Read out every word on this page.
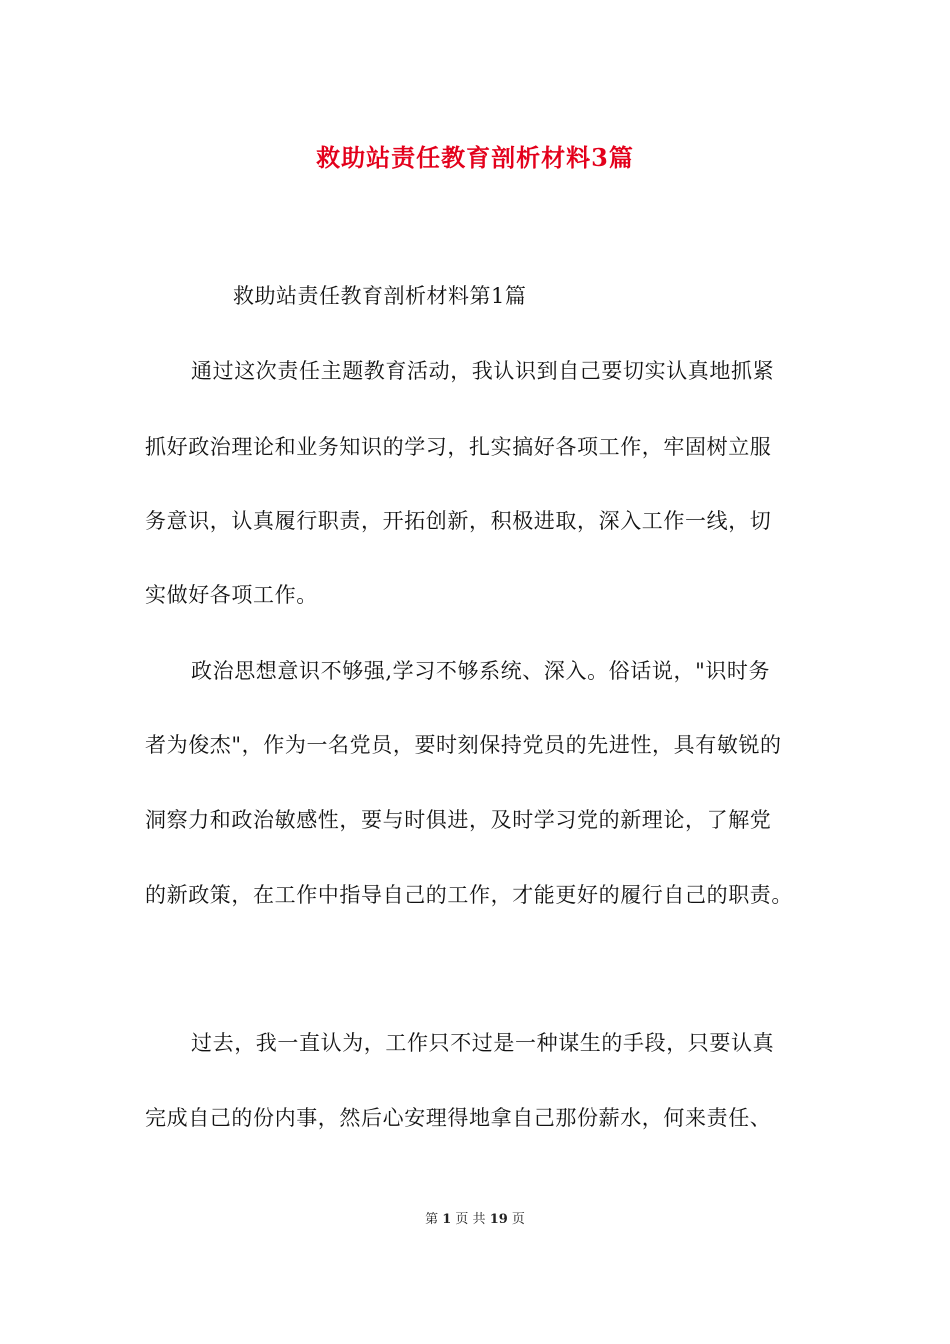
救助站责任教育剖析材料3篇
救助站责任教育剖析材料第1篇
通过这次责任主题教育活动，我认识到自己要切实认真地抓紧
抓好政治理论和业务知识的学习，扎实搞好各项工作，牢固树立服
务意识，认真履行职责，开拓创新，积极进取，深入工作一线，切
实做好各项工作。
政治思想意识不够强,学习不够系统、深入。俗话说，"识时务
者为俊杰"，作为一名党员，要时刻保持党员的先进性，具有敏锐的
洞察力和政治敏感性，要与时俱进，及时学习党的新理论，了解党
的新政策，在工作中指导自己的工作，才能更好的履行自己的职责。
过去，我一直认为，工作只不过是一种谋生的手段，只要认真
完成自己的份内事，然后心安理得地拿自己那份薪水，何来责任、
第 1 页 共 19 页
